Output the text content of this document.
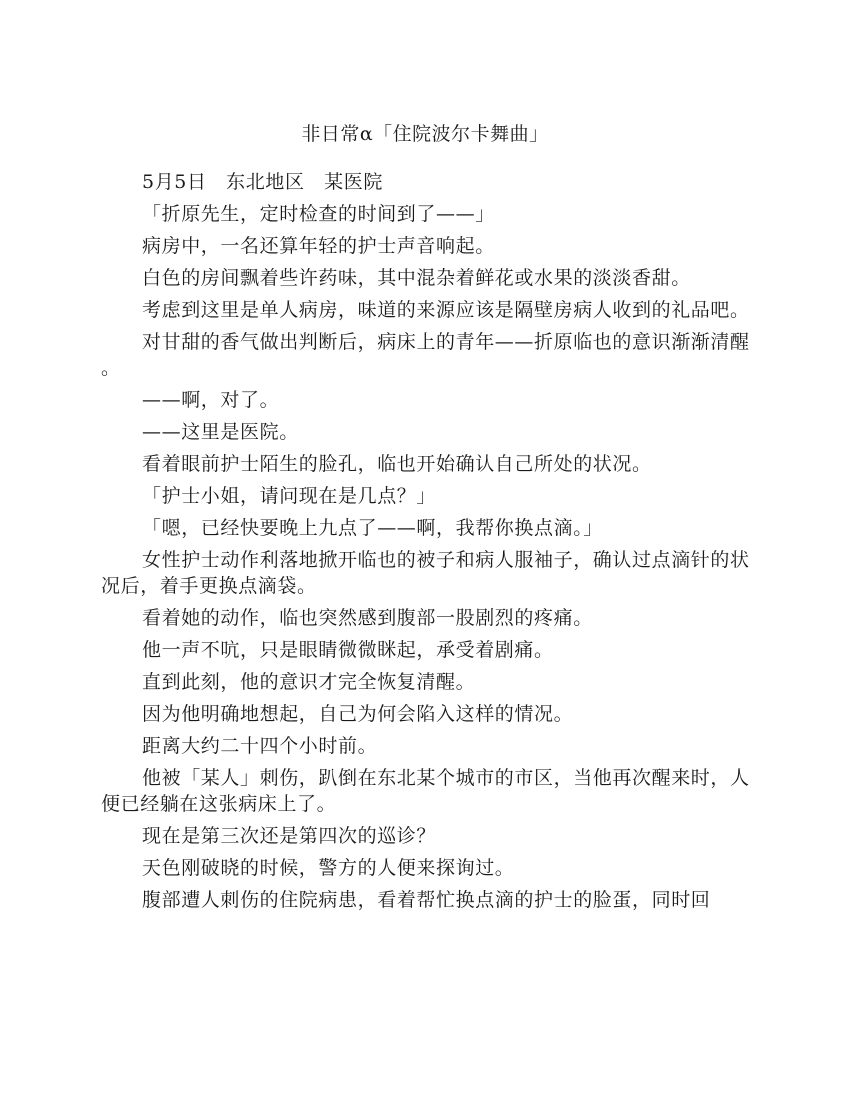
非日常α「住院波尔卡舞曲」

5月5日　东北地区　某医院

「折原先生，定时检查的时间到了——」

病房中，一名还算年轻的护士声音响起。

白色的房间飘着些许药味，其中混杂着鲜花或水果的淡淡香甜。

考虑到这里是单人病房，味道的来源应该是隔壁房病人收到的礼品吧。

对甘甜的香气做出判断后，病床上的青年——折原临也的意识渐渐清醒。

——啊，对了。

——这里是医院。

看着眼前护士陌生的脸孔，临也开始确认自己所处的状况。

「护士小姐，请问现在是几点？」

「嗯，已经快要晚上九点了——啊，我帮你换点滴。」

女性护士动作利落地掀开临也的被子和病人服袖子，确认过点滴针的状况后，着手更换点滴袋。

看着她的动作，临也突然感到腹部一股剧烈的疼痛。

他一声不吭，只是眼睛微微眯起，承受着剧痛。

直到此刻，他的意识才完全恢复清醒。

因为他明确地想起，自己为何会陷入这样的情况。

距离大约二十四个小时前。

他被「某人」刺伤，趴倒在东北某个城市的市区，当他再次醒来时，人便已经躺在这张病床上了。

现在是第三次还是第四次的巡诊？

天色刚破晓的时候，警方的人便来探询过。

腹部遭人刺伤的住院病患，看着帮忙换点滴的护士的脸蛋，同时回
